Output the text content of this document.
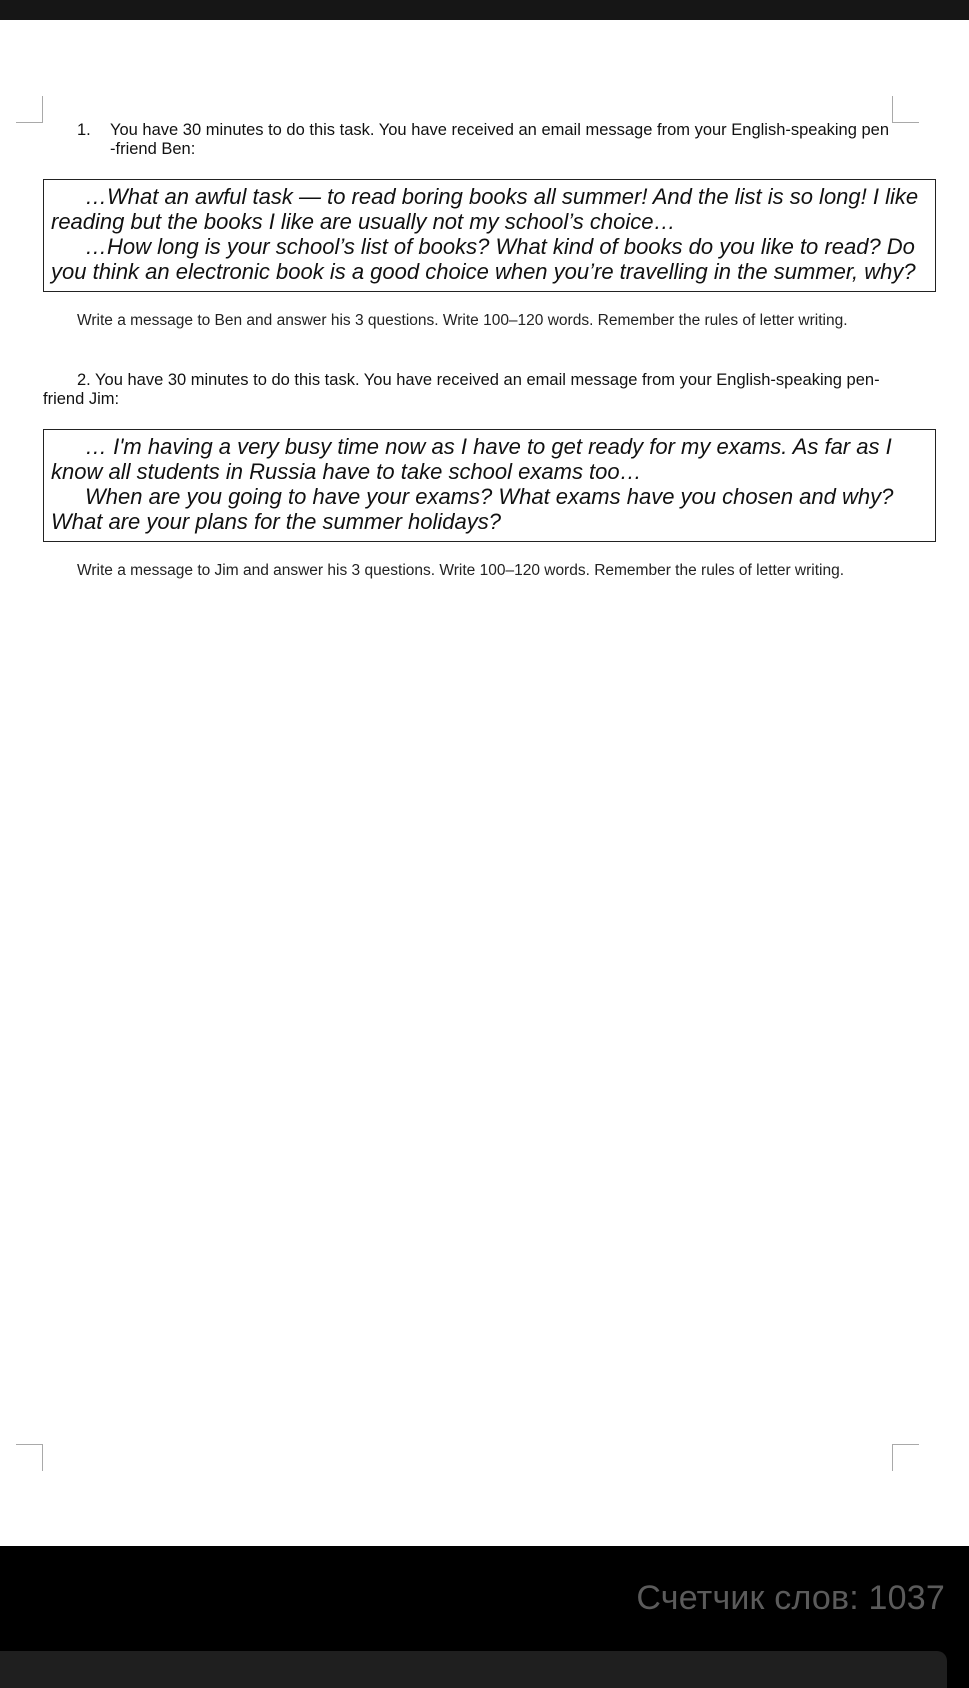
1. You have 30 minutes to do this task. You have received an email message from your English-speaking pen -friend Ben:

…What an awful task — to read boring books all summer! And the list is so long! I like reading but the books I like are usually not my school’s choice…

…How long is your school’s list of books? What kind of books do you like to read? Do you think an electronic book is a good choice when you’re travelling in the summer, why?

Write a message to Ben and answer his 3 questions. Write 100–120 words. Remember the rules of letter writing.
2. You have 30 minutes to do this task. You have received an email message from your English-speaking pen-friend Jim:

… I'm having a very busy time now as I have to get ready for my exams. As far as I know all students in Russia have to take school exams too…

When are you going to have your exams? What exams have you chosen and why? What are your plans for the summer holidays?

Write a message to Jim and answer his 3 questions. Write 100–120 words. Remember the rules of letter writing.
Счетчик слов: 1037
